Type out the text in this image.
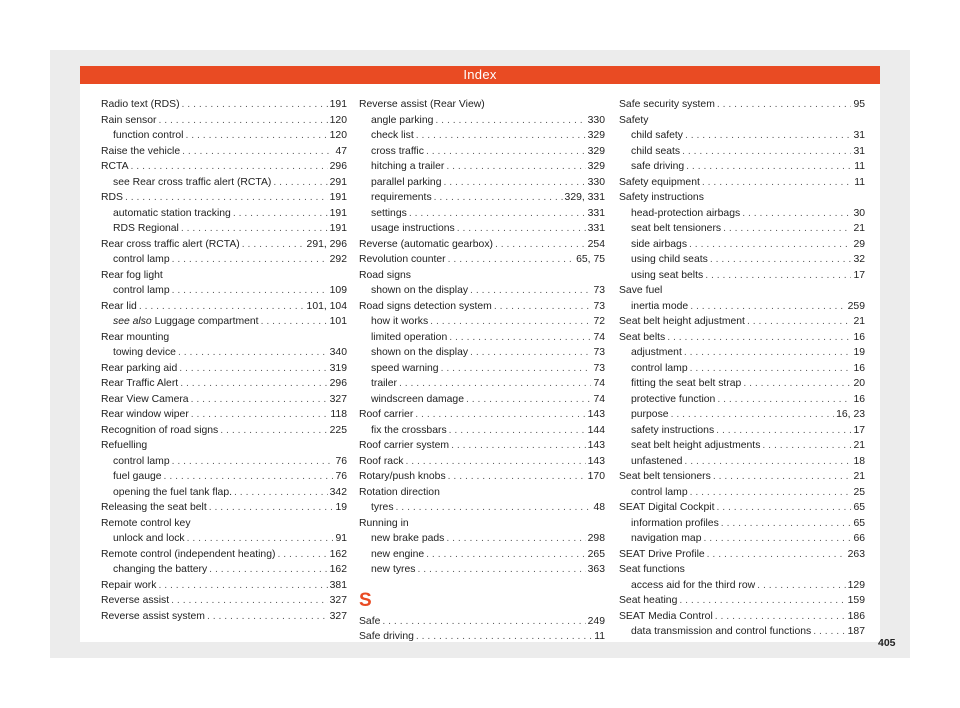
Index
Radio text (RDS) . . .	191
Rain sensor . . .	120
function control . . .	120
Raise the vehicle . . .	47
RCTA . . .	296
see Rear cross traffic alert (RCTA) . . .	291
RDS . . .	191
automatic station tracking . . .	191
RDS Regional . . .	191
Rear cross traffic alert (RCTA) . . .	291, 296
control lamp . . .	292
Rear fog light
control lamp . . .	109
Rear lid . . .	101, 104
see also Luggage compartment . . .	101
Rear mounting
towing device . . .	340
Rear parking aid . . .	319
Rear Traffic Alert . . .	296
Rear View Camera . . .	327
Rear window wiper . . .	118
Recognition of road signs . . .	225
Refuelling
control lamp . . .	76
fuel gauge . . .	76
opening the fuel tank flap. . . .	342
Releasing the seat belt . . .	19
Remote control key
unlock and lock . . .	91
Remote control (independent heating) . . .	162
changing the battery . . .	162
Repair work . . .	381
Reverse assist . . .	327
Reverse assist system . . .	327
Reverse assist (Rear View)
angle parking . . .	330
check list . . .	329
cross traffic . . .	329
hitching a trailer . . .	329
parallel parking . . .	330
requirements . . .	329, 331
settings . . .	331
usage instructions . . .	331
Reverse (automatic gearbox) . . .	254
Revolution counter . . .	65, 75
Road signs
shown on the display . . .	73
Road signs detection system . . .	73
how it works . . .	72
limited operation . . .	74
shown on the display . . .	73
speed warning . . .	73
trailer . . .	74
windscreen damage . . .	74
Roof carrier . . .	143
fix the crossbars . . .	144
Roof carrier system . . .	143
Roof rack . . .	143
Rotary/push knobs . . .	170
Rotation direction
tyres . . .	48
Running in
new brake pads . . .	298
new engine . . .	265
new tyres . . .	363
S
Safe . . .	249
Safe driving . . .	11
Safe security system . . .	95
Safety
child safety . . .	31
child seats . . .	31
safe driving . . .	11
Safety equipment . . .	11
Safety instructions
head-protection airbags . . .	30
seat belt tensioners . . .	21
side airbags . . .	29
using child seats . . .	32
using seat belts . . .	17
Save fuel
inertia mode . . .	259
Seat belt height adjustment . . .	21
Seat belts . . .	16
adjustment . . .	19
control lamp . . .	16
fitting the seat belt strap . . .	20
protective function . . .	16
purpose . . .	16, 23
safety instructions . . .	17
seat belt height adjustments . . .	21
unfastened . . .	18
Seat belt tensioners . . .	21
control lamp . . .	25
SEAT Digital Cockpit . . .	65
information profiles . . .	65
navigation map . . .	66
SEAT Drive Profile . . .	263
Seat functions
access aid for the third row . . .	129
Seat heating . . .	159
SEAT Media Control . . .	186
data transmission and control functions . . .	187
405
